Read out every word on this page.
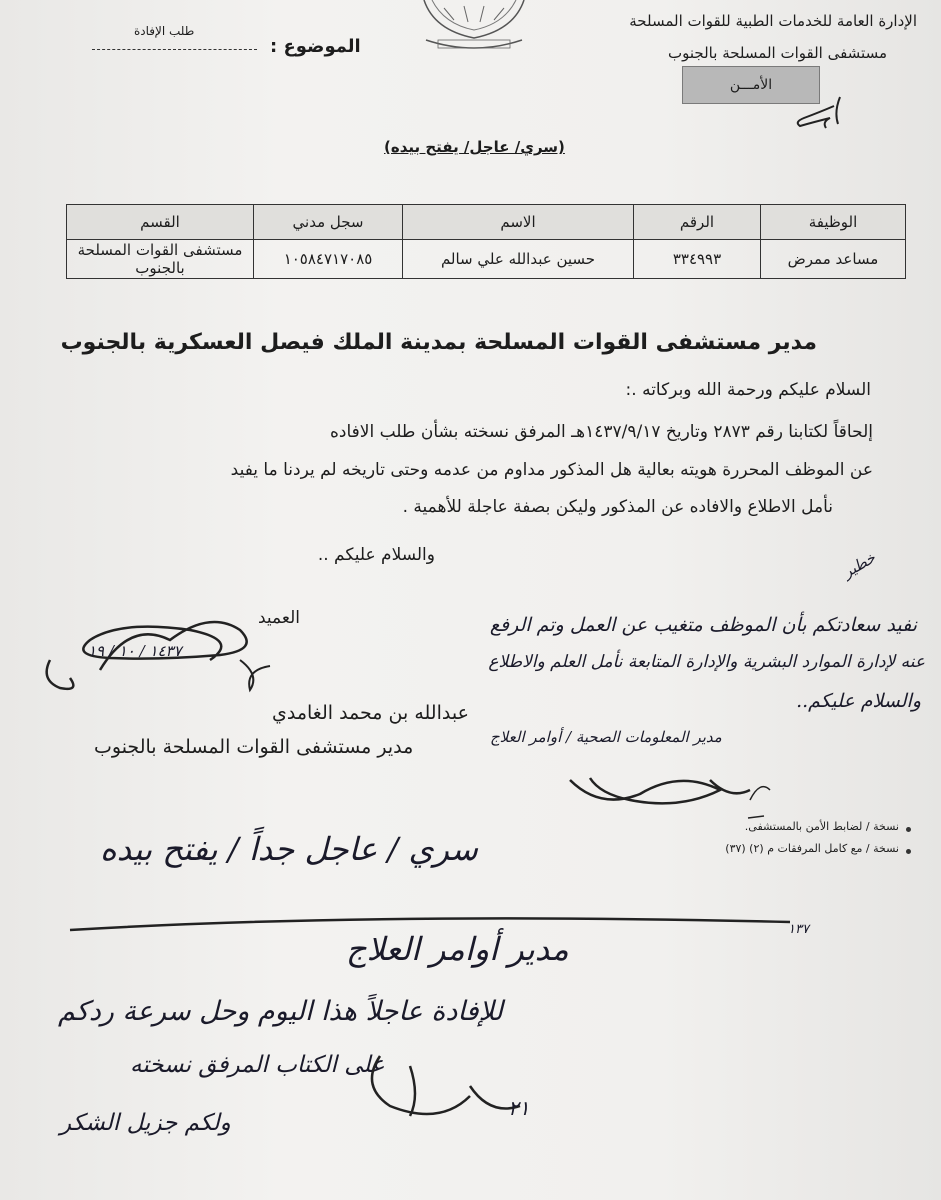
الإدارة العامة للخدمات الطبية للقوات المسلحة
مستشفى القوات المسلحة بالجنوب
الأمـــن
الموضوع :
طلب الإفادة
(سري/ عاجل/ يفتح بيده)
الوظيفة	الرقم	الاسم	سجل مدني	القسم
مساعد ممرض	٣٣٤٩٩٣	حسين عبدالله علي سالم	١٠٥٨٤٧١٧٠٨٥	مستشفى القوات المسلحة بالجنوب
مدير مستشفى القوات المسلحة بمدينة الملك فيصل العسكرية بالجنوب
السلام عليكم ورحمة الله وبركاته .:
إلحاقاً لكتابنا رقم ٢٨٧٣ وتاريخ ١٤٣٧/٩/١٧هـ المرفق نسخته بشأن طلب الافاده
عن الموظف المحررة هويته بعالية هل المذكور مداوم من عدمه وحتى تاريخه لم يردنا ما يفيد
نأمل الاطلاع والافاده عن المذكور وليكن بصفة عاجلة للأهمية .
والسلام عليكم ..
العميد
١٤٣٧ / ١٠ / ١٩
عبدالله بن محمد الغامدي
خطير
نفيد سعادتكم بأن الموظف متغيب عن العمل وتم الرفع
عنه لإدارة الموارد البشرية والإدارة المتابعة نأمل العلم والاطلاع
والسلام عليكم..
مدير المعلومات الصحية / أوامر العلاج
مدير مستشفى القوات المسلحة بالجنوب
نسخة / لضابط الأمن بالمستشفى.
نسخة / مع كامل المرفقات م (٢) (٣٧)
سري / عاجل جداً / يفتح بيده
١٣٧
مدير أوامر العلاج
للإفادة عاجلاً هذا اليوم وحل سرعة ردكم
على الكتاب المرفق نسخته
ولكم جزيل الشكر
٢١
